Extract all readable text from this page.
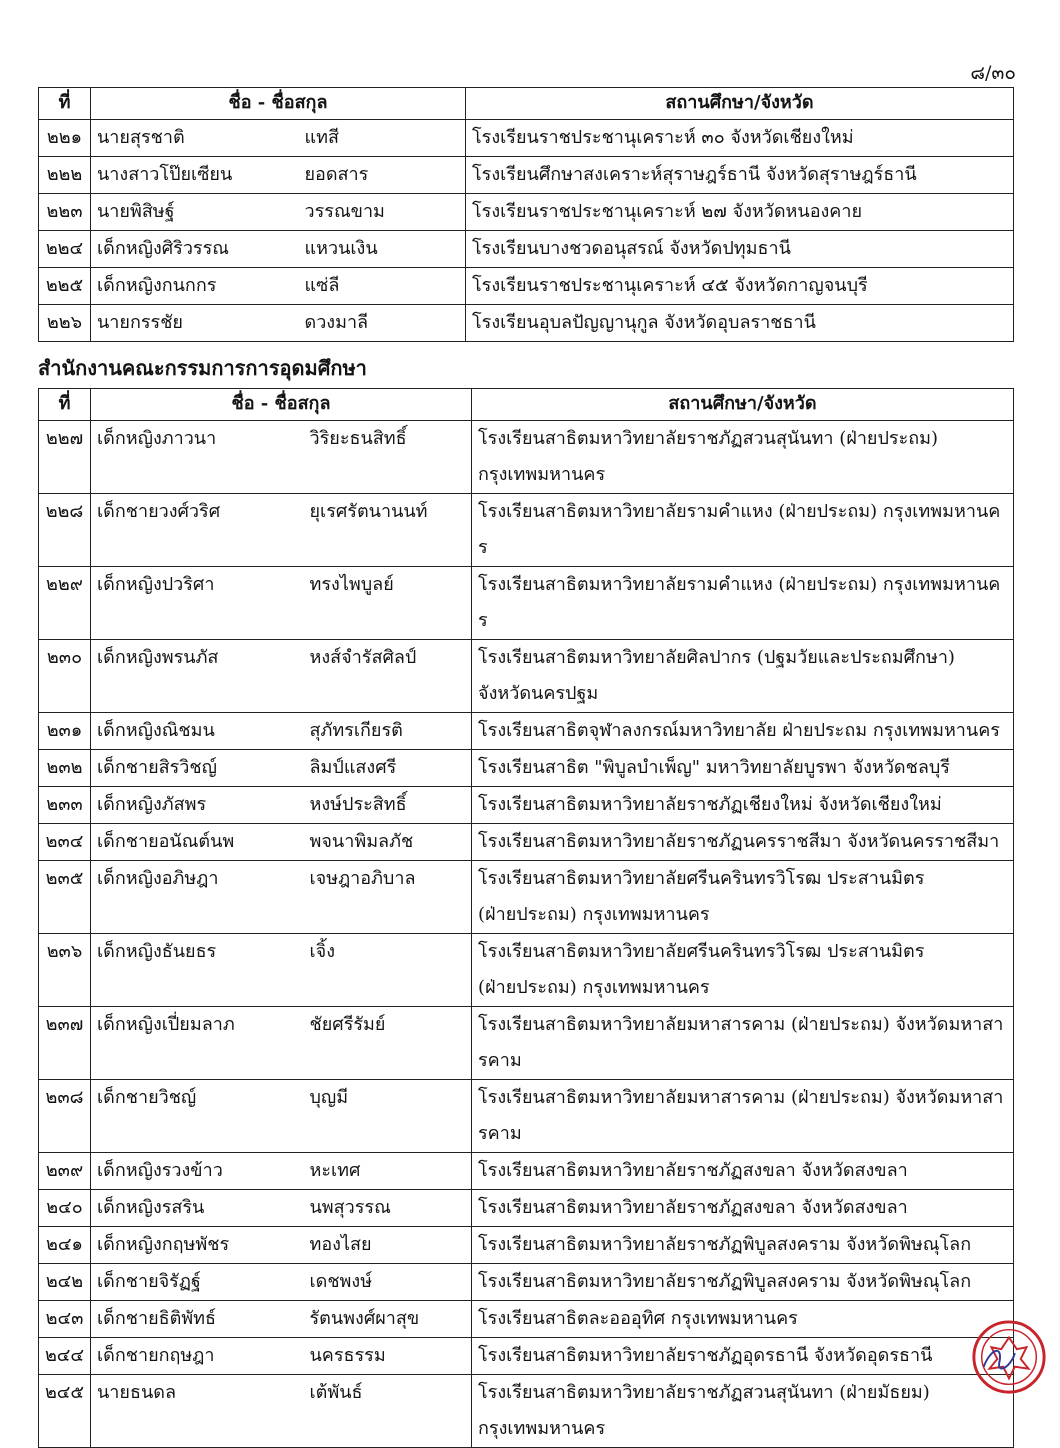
๘/๓๐
ที่	ชื่อ - ชื่อสกุล		สถานศึกษา/จังหวัด
๒๒๑	นายสุรชาติ	แทสี	โรงเรียนราชประชานุเคราะห์ ๓๐ จังหวัดเชียงใหม่

๒๒๒	นางสาวโป๊ยเซียน	ยอดสาร	โรงเรียนศึกษาสงเคราะห์สุราษฎร์ธานี จังหวัดสุราษฎร์ธานี

๒๒๓	นายพิสิษฐ์	วรรณขาม	โรงเรียนราชประชานุเคราะห์ ๒๗ จังหวัดหนองคาย

๒๒๔	เด็กหญิงศิริวรรณ	แหวนเงิน	โรงเรียนบางชวดอนุสรณ์ จังหวัดปทุมธานี

๒๒๕	เด็กหญิงกนกกร	แซ่ลี	โรงเรียนราชประชานุเคราะห์ ๔๕ จังหวัดกาญจนบุรี

๒๒๖	นายกรรชัย	ดวงมาลี	โรงเรียนอุบลปัญญานุกูล จังหวัดอุบลราชธานี
สำนักงานคณะกรรมการการอุดมศึกษา
ที่	ชื่อ - ชื่อสกุล		สถานศึกษา/จังหวัด
๒๒๗	เด็กหญิงภาวนา	วิริยะธนสิทธิ์	โรงเรียนสาธิตมหาวิทยาลัยราชภัฏสวนสุนันทา (ฝ่ายประถม)
กรุงเทพมหานคร

๒๒๘	เด็กชายวงศ์วริศ	ยุเรศรัตนานนท์	โรงเรียนสาธิตมหาวิทยาลัยรามคำแหง (ฝ่ายประถม) กรุงเทพมหานคร

๒๒๙	เด็กหญิงปวริศา	ทรงไพบูลย์	โรงเรียนสาธิตมหาวิทยาลัยรามคำแหง (ฝ่ายประถม) กรุงเทพมหานคร

๒๓๐	เด็กหญิงพรนภัส	หงส์จำรัสศิลป์	โรงเรียนสาธิตมหาวิทยาลัยศิลปากร (ปฐมวัยและประถมศึกษา)
จังหวัดนครปฐม

๒๓๑	เด็กหญิงณิชมน	สุภัทรเกียรติ	โรงเรียนสาธิตจุฬาลงกรณ์มหาวิทยาลัย ฝ่ายประถม กรุงเทพมหานคร

๒๓๒	เด็กชายสิรวิชญ์	ลิมป์แสงศรี	โรงเรียนสาธิต "พิบูลบำเพ็ญ" มหาวิทยาลัยบูรพา จังหวัดชลบุรี

๒๓๓	เด็กหญิงภัสพร	หงษ์ประสิทธิ์	โรงเรียนสาธิตมหาวิทยาลัยราชภัฏเชียงใหม่ จังหวัดเชียงใหม่

๒๓๔	เด็กชายอนัณต์นพ	พจนาพิมลภัช	โรงเรียนสาธิตมหาวิทยาลัยราชภัฏนครราชสีมา จังหวัดนครราชสีมา

๒๓๕	เด็กหญิงอภิษฎา	เจษฎาอภิบาล	โรงเรียนสาธิตมหาวิทยาลัยศรีนครินทรวิโรฒ ประสานมิตร
(ฝ่ายประถม) กรุงเทพมหานคร

๒๓๖	เด็กหญิงธันยธร	เจิ้ง	โรงเรียนสาธิตมหาวิทยาลัยศรีนครินทรวิโรฒ ประสานมิตร
(ฝ่ายประถม) กรุงเทพมหานคร

๒๓๗	เด็กหญิงเปี่ยมลาภ	ชัยศรีรัมย์	โรงเรียนสาธิตมหาวิทยาลัยมหาสารคาม (ฝ่ายประถม) จังหวัดมหาสารคาม

๒๓๘	เด็กชายวิชญ์	บุญมี	โรงเรียนสาธิตมหาวิทยาลัยมหาสารคาม (ฝ่ายประถม) จังหวัดมหาสารคาม

๒๓๙	เด็กหญิงรวงข้าว	หะเทศ	โรงเรียนสาธิตมหาวิทยาลัยราชภัฏสงขลา จังหวัดสงขลา

๒๔๐	เด็กหญิงรสริน	นพสุวรรณ	โรงเรียนสาธิตมหาวิทยาลัยราชภัฏสงขลา จังหวัดสงขลา

๒๔๑	เด็กหญิงกฤษพัชร	ทองไสย	โรงเรียนสาธิตมหาวิทยาลัยราชภัฏพิบูลสงคราม จังหวัดพิษณุโลก

๒๔๒	เด็กชายจิรัฏฐ์	เดชพงษ์	โรงเรียนสาธิตมหาวิทยาลัยราชภัฏพิบูลสงคราม จังหวัดพิษณุโลก

๒๔๓	เด็กชายธิติพัทธ์	รัตนพงศ์ผาสุข	โรงเรียนสาธิตละอออุทิศ กรุงเทพมหานคร

๒๔๔	เด็กชายกฤษฎา	นครธรรม	โรงเรียนสาธิตมหาวิทยาลัยราชภัฏอุดรธานี จังหวัดอุดรธานี

๒๔๕	นายธนดล	เต้พันธ์	โรงเรียนสาธิตมหาวิทยาลัยราชภัฏสวนสุนันทา (ฝ่ายมัธยม)
กรุงเทพมหานคร
